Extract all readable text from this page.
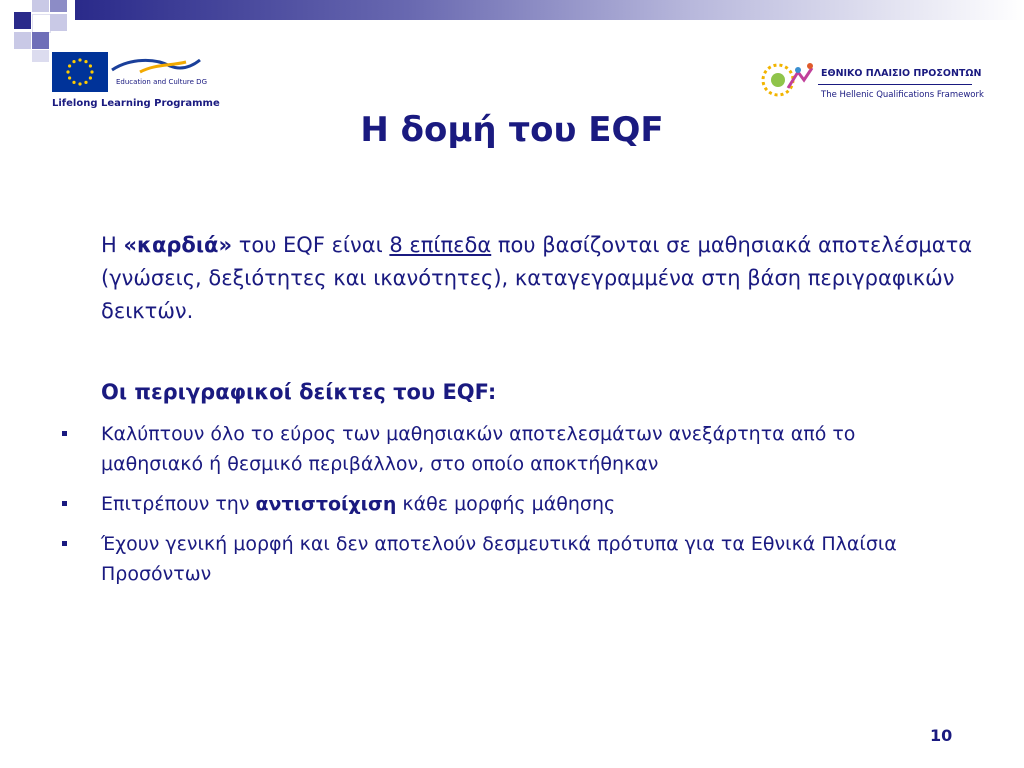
Education and Culture DG
Lifelong Learning Programme
ΕΘΝΙΚΟ ΠΛΑΙΣΙΟ ΠΡΟΣΟΝΤΩΝ
The Hellenic Qualifications Framework
Η δομή του EQF
Η «καρδιά» του EQF είναι 8 επίπεδα που βασίζονται σε μαθησιακά αποτελέσματα (γνώσεις, δεξιότητες και ικανότητες), καταγεγραμμένα στη βάση περιγραφικών δεικτών.
Οι περιγραφικοί δείκτες του EQF:
Καλύπτουν όλο το εύρος των μαθησιακών αποτελεσμάτων ανεξάρτητα από το μαθησιακό ή θεσμικό περιβάλλον, στο οποίο αποκτήθηκαν
Επιτρέπουν την αντιστοίχιση κάθε μορφής μάθησης
Έχουν γενική μορφή και δεν αποτελούν δεσμευτικά πρότυπα για τα Εθνικά Πλαίσια Προσόντων
10
